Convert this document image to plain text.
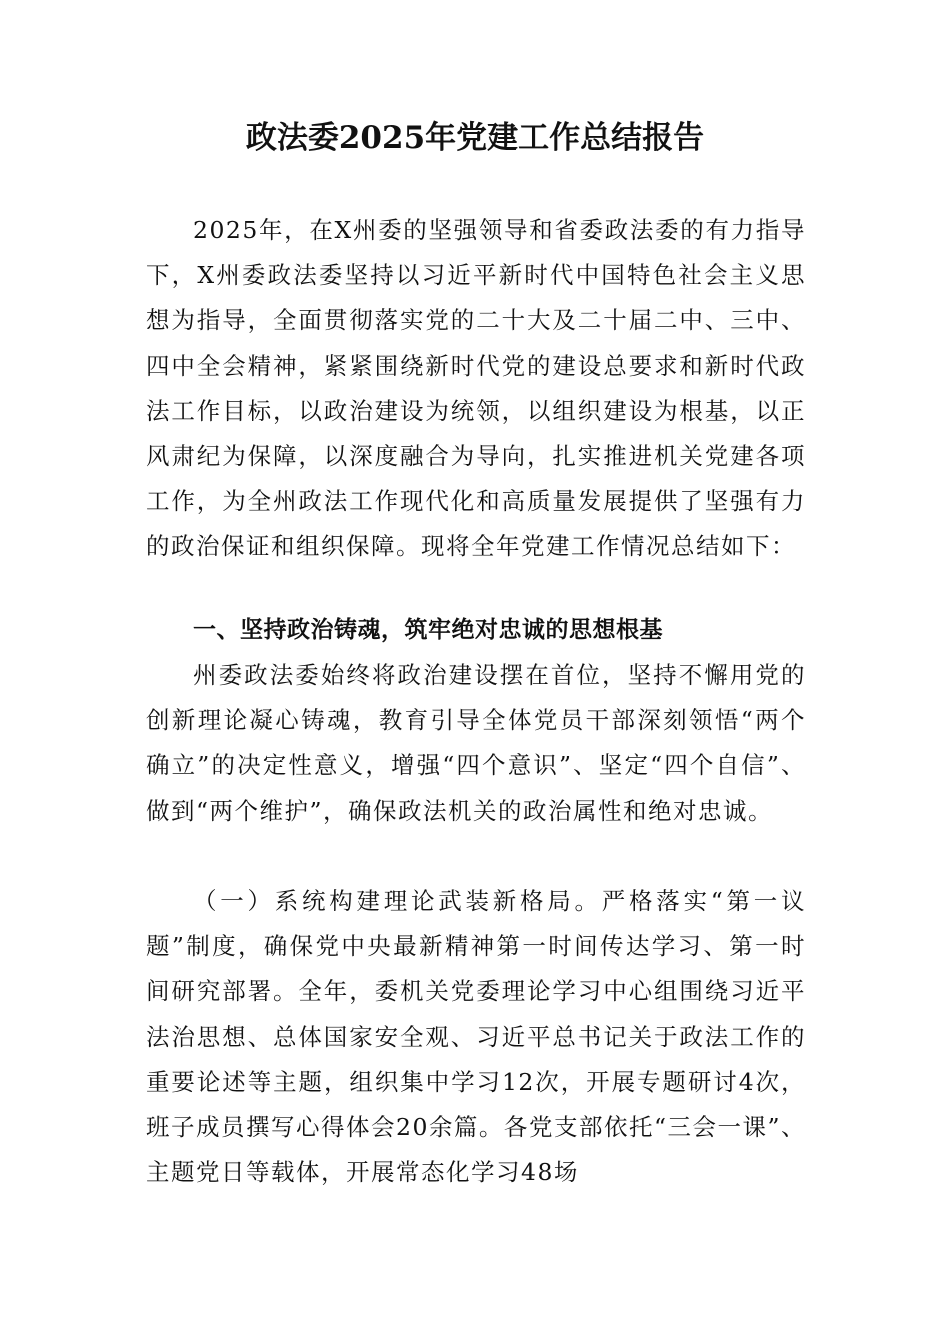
政法委2025年党建工作总结报告

2025年，在X州委的坚强领导和省委政法委的有力指导下，X州委政法委坚持以习近平新时代中国特色社会主义思想为指导，全面贯彻落实党的二十大及二十届二中、三中、四中全会精神，紧紧围绕新时代党的建设总要求和新时代政法工作目标，以政治建设为统领，以组织建设为根基，以正风肃纪为保障，以深度融合为导向，扎实推进机关党建各项工作，为全州政法工作现代化和高质量发展提供了坚强有力的政治保证和组织保障。现将全年党建工作情况总结如下：

一、坚持政治铸魂，筑牢绝对忠诚的思想根基

州委政法委始终将政治建设摆在首位，坚持不懈用党的创新理论凝心铸魂，教育引导全体党员干部深刻领悟“两个确立”的决定性意义，增强“四个意识”、坚定“四个自信”、做到“两个维护”，确保政法机关的政治属性和绝对忠诚。

（一）系统构建理论武装新格局。严格落实“第一议题”制度，确保党中央最新精神第一时间传达学习、第一时间研究部署。全年，委机关党委理论学习中心组围绕习近平法治思想、总体国家安全观、习近平总书记关于政法工作的重要论述等主题，组织集中学习12次，开展专题研讨4次，班子成员撰写心得体会20余篇。各党支部依托“三会一课”、主题党日等载体，开展常态化学习48场
